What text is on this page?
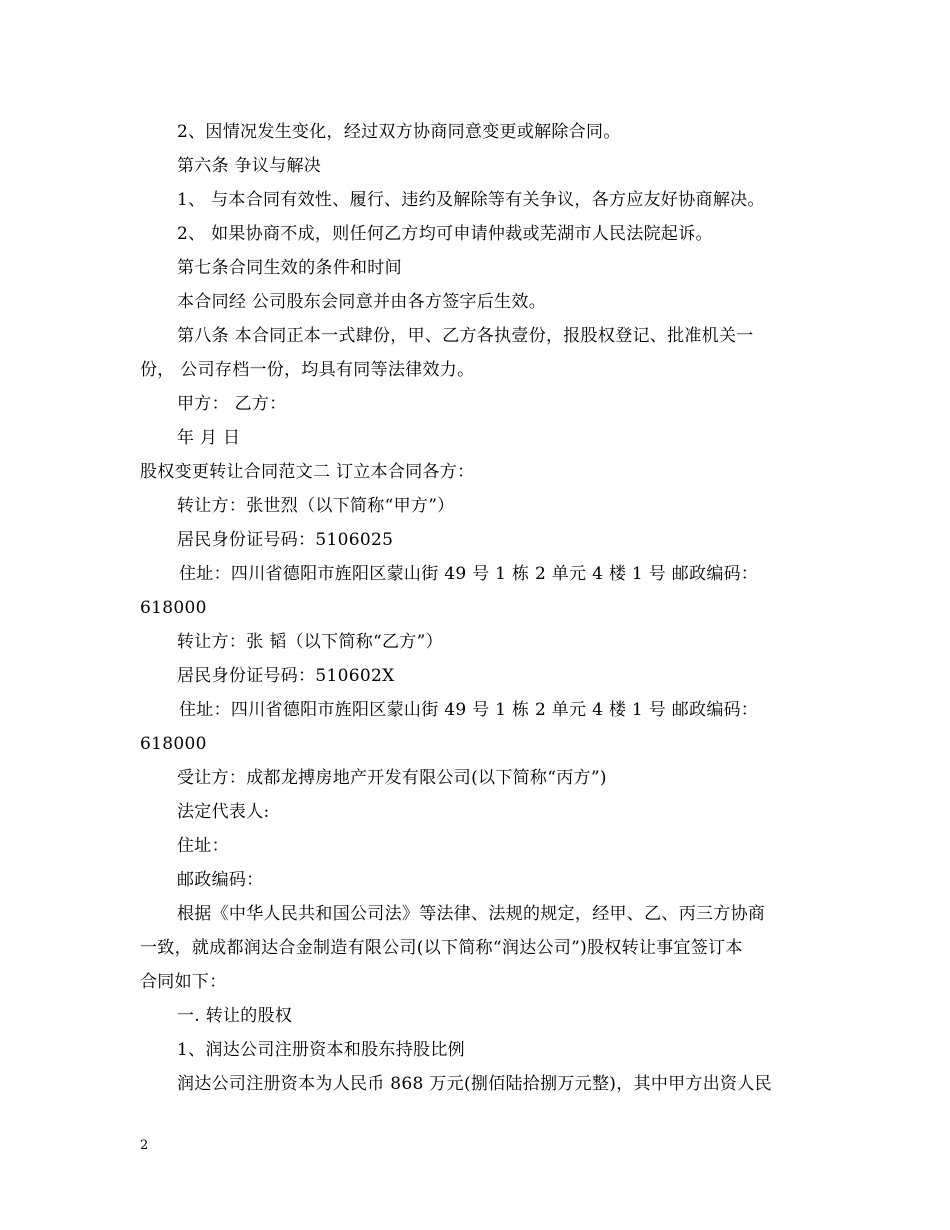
2、因情况发生变化，经过双方协商同意变更或解除合同。
第六条 争议与解决
1、 与本合同有效性、履行、违约及解除等有关争议，各方应友好协商解决。
2、 如果协商不成，则任何乙方均可申请仲裁或芜湖市人民法院起诉。
第七条合同生效的条件和时间
本合同经 公司股东会同意并由各方签字后生效。
第八条 本合同正本一式肆份，甲、乙方各执壹份，报股权登记、批准机关一
份， 公司存档一份，均具有同等法律效力。
甲方： 乙方：
年 月 日
股权变更转让合同范文二 订立本合同各方：
转让方：张世烈（以下简称“甲方”）
居民身份证号码：5106025
住址：四川省德阳市旌阳区蒙山街 49 号 1 栋 2 单元 4 楼 1 号 邮政编码：
618000
转让方：张 韬（以下简称“乙方”）
居民身份证号码：510602X
住址：四川省德阳市旌阳区蒙山街 49 号 1 栋 2 单元 4 楼 1 号 邮政编码：
618000
受让方：成都龙搏房地产开发有限公司(以下简称“丙方”)
法定代表人:
住址：
邮政编码：
根据《中华人民共和国公司法》等法律、法规的规定，经甲、乙、丙三方协商
一致，就成都润达合金制造有限公司(以下简称“润达公司”)股权转让事宜签订本
合同如下：
一. 转让的股权
1、润达公司注册资本和股东持股比例
润达公司注册资本为人民币 868 万元(捌佰陆拾捌万元整)，其中甲方出资人民
2
